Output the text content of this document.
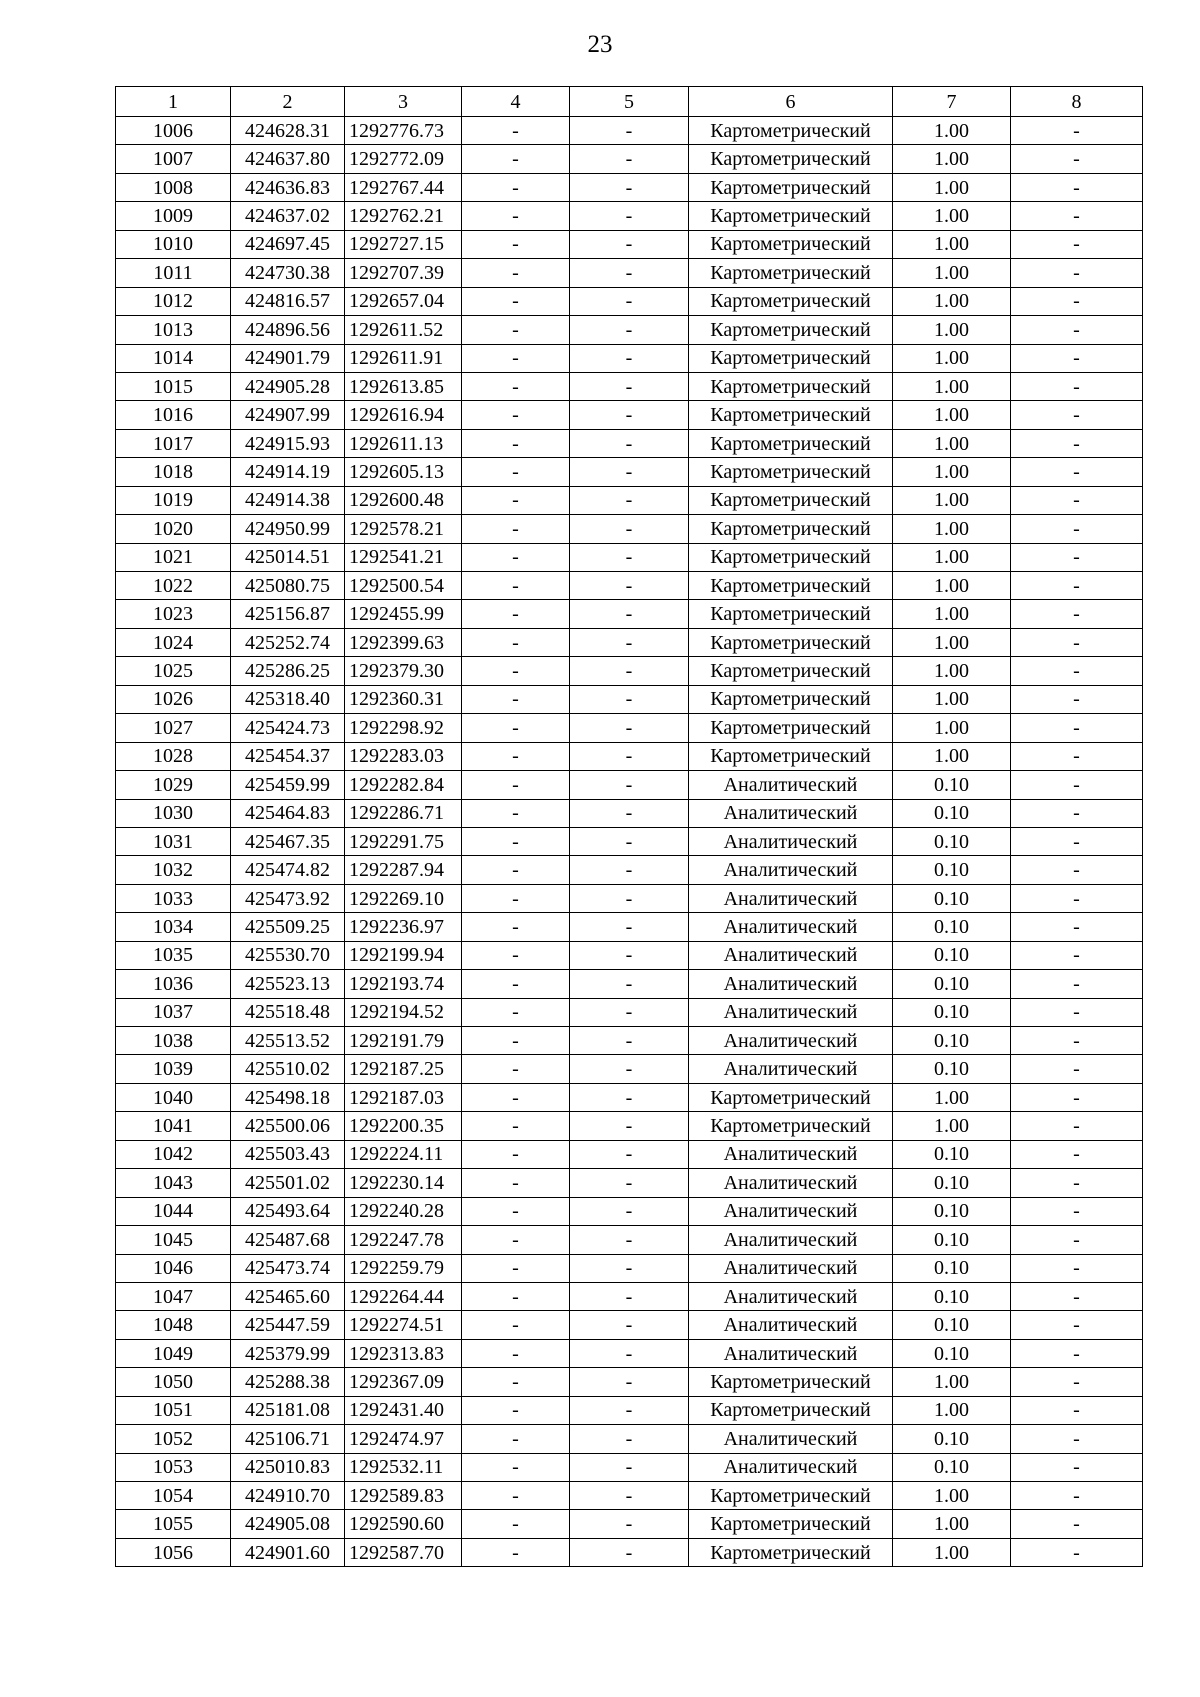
23
1	2	3	4	5	6	7	8
1006	424628.31	1292776.73	-	-	Картометрический	1.00	-
1007	424637.80	1292772.09	-	-	Картометрический	1.00	-
1008	424636.83	1292767.44	-	-	Картометрический	1.00	-
1009	424637.02	1292762.21	-	-	Картометрический	1.00	-
1010	424697.45	1292727.15	-	-	Картометрический	1.00	-
1011	424730.38	1292707.39	-	-	Картометрический	1.00	-
1012	424816.57	1292657.04	-	-	Картометрический	1.00	-
1013	424896.56	1292611.52	-	-	Картометрический	1.00	-
1014	424901.79	1292611.91	-	-	Картометрический	1.00	-
1015	424905.28	1292613.85	-	-	Картометрический	1.00	-
1016	424907.99	1292616.94	-	-	Картометрический	1.00	-
1017	424915.93	1292611.13	-	-	Картометрический	1.00	-
1018	424914.19	1292605.13	-	-	Картометрический	1.00	-
1019	424914.38	1292600.48	-	-	Картометрический	1.00	-
1020	424950.99	1292578.21	-	-	Картометрический	1.00	-
1021	425014.51	1292541.21	-	-	Картометрический	1.00	-
1022	425080.75	1292500.54	-	-	Картометрический	1.00	-
1023	425156.87	1292455.99	-	-	Картометрический	1.00	-
1024	425252.74	1292399.63	-	-	Картометрический	1.00	-
1025	425286.25	1292379.30	-	-	Картометрический	1.00	-
1026	425318.40	1292360.31	-	-	Картометрический	1.00	-
1027	425424.73	1292298.92	-	-	Картометрический	1.00	-
1028	425454.37	1292283.03	-	-	Картометрический	1.00	-
1029	425459.99	1292282.84	-	-	Аналитический	0.10	-
1030	425464.83	1292286.71	-	-	Аналитический	0.10	-
1031	425467.35	1292291.75	-	-	Аналитический	0.10	-
1032	425474.82	1292287.94	-	-	Аналитический	0.10	-
1033	425473.92	1292269.10	-	-	Аналитический	0.10	-
1034	425509.25	1292236.97	-	-	Аналитический	0.10	-
1035	425530.70	1292199.94	-	-	Аналитический	0.10	-
1036	425523.13	1292193.74	-	-	Аналитический	0.10	-
1037	425518.48	1292194.52	-	-	Аналитический	0.10	-
1038	425513.52	1292191.79	-	-	Аналитический	0.10	-
1039	425510.02	1292187.25	-	-	Аналитический	0.10	-
1040	425498.18	1292187.03	-	-	Картометрический	1.00	-
1041	425500.06	1292200.35	-	-	Картометрический	1.00	-
1042	425503.43	1292224.11	-	-	Аналитический	0.10	-
1043	425501.02	1292230.14	-	-	Аналитический	0.10	-
1044	425493.64	1292240.28	-	-	Аналитический	0.10	-
1045	425487.68	1292247.78	-	-	Аналитический	0.10	-
1046	425473.74	1292259.79	-	-	Аналитический	0.10	-
1047	425465.60	1292264.44	-	-	Аналитический	0.10	-
1048	425447.59	1292274.51	-	-	Аналитический	0.10	-
1049	425379.99	1292313.83	-	-	Аналитический	0.10	-
1050	425288.38	1292367.09	-	-	Картометрический	1.00	-
1051	425181.08	1292431.40	-	-	Картометрический	1.00	-
1052	425106.71	1292474.97	-	-	Аналитический	0.10	-
1053	425010.83	1292532.11	-	-	Аналитический	0.10	-
1054	424910.70	1292589.83	-	-	Картометрический	1.00	-
1055	424905.08	1292590.60	-	-	Картометрический	1.00	-
1056	424901.60	1292587.70	-	-	Картометрический	1.00	-
